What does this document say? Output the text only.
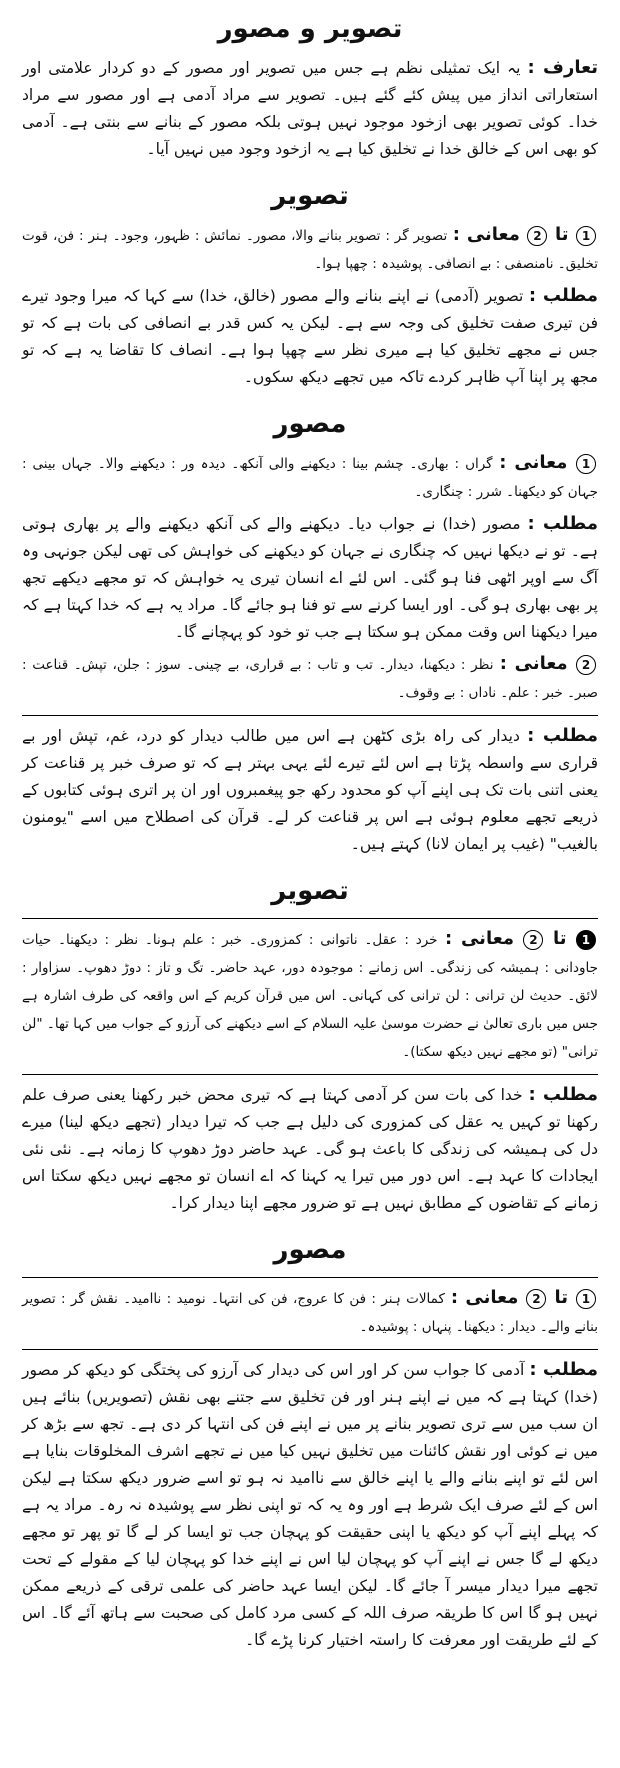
تصویر و مصور

تعارف : یہ ایک تمثیلی نظم ہے جس میں تصویر اور مصور کے دو کردار علامتی اور استعاراتی انداز میں پیش کئے گئے ہیں۔ تصویر سے مراد آدمی ہے اور مصور سے مراد خدا۔ کوئی تصویر بھی ازخود موجود نہیں ہوتی بلکہ مصور کے بنانے سے بنتی ہے۔ آدمی کو بھی اس کے خالق خدا نے تخلیق کیا ہے یہ ازخود وجود میں نہیں آیا۔

تصویر

1 تا 2 معانی : تصویر گر : تصویر بنانے والا، مصور۔ نمائش : ظہور، وجود۔ ہنر : فن، قوت تخلیق۔ نامنصفی : بے انصافی۔ پوشیدہ : چھپا ہوا۔

مطلب : تصویر (آدمی) نے اپنے بنانے والے مصور (خالق، خدا) سے کہا کہ میرا وجود تیرے فن تیری صفت تخلیق کی وجہ سے ہے۔ لیکن یہ کس قدر بے انصافی کی بات ہے کہ تو جس نے مجھے تخلیق کیا ہے میری نظر سے چھپا ہوا ہے۔ انصاف کا تقاضا یہ ہے کہ تو مجھ پر اپنا آپ ظاہر کردے تاکہ میں تجھے دیکھ سکوں۔

مصور

1 معانی : گراں : بھاری۔ چشم بینا : دیکھنے والی آنکھ۔ دیدہ ور : دیکھنے والا۔ جہاں بینی : جہان کو دیکھنا۔ شرر : چنگاری۔

مطلب : مصور (خدا) نے جواب دیا۔ دیکھنے والے کی آنکھ دیکھنے والے پر بھاری ہوتی ہے۔ تو نے دیکھا نہیں کہ چنگاری نے جہان کو دیکھنے کی خواہش کی تھی لیکن جونہی وہ آگ سے اوپر اٹھی فنا ہو گئی۔ اس لئے اے انسان تیری یہ خواہش کہ تو مجھے دیکھے تجھ پر بھی بھاری ہو گی۔ اور ایسا کرنے سے تو فنا ہو جائے گا۔ مراد یہ ہے کہ خدا کہتا ہے کہ میرا دیکھنا اس وقت ممکن ہو سکتا ہے جب تو خود کو پہچانے گا۔

2 معانی : نظر : دیکھنا، دیدار۔ تب و تاب : بے قراری، بے چینی۔ سوز : جلن، تپش۔ قناعت : صبر۔ خبر : علم۔ ناداں : بے وقوف۔

مطلب : دیدار کی راہ بڑی کٹھن ہے اس میں طالب دیدار کو درد، غم، تپش اور بے قراری سے واسطہ پڑتا ہے اس لئے تیرے لئے یہی بہتر ہے کہ تو صرف خبر پر قناعت کر یعنی اتنی بات تک ہی اپنے آپ کو محدود رکھ جو پیغمبروں اور ان پر اتری ہوئی کتابوں کے ذریعے تجھے معلوم ہوئی ہے اس پر قناعت کر لے۔ قرآن کی اصطلاح میں اسے "یومنون بالغیب" (غیب پر ایمان لانا) کہتے ہیں۔

تصویر

1 تا 2 معانی : خرد : عقل۔ ناتوانی : کمزوری۔ خبر : علم ہونا۔ نظر : دیکھنا۔ حیات جاودانی : ہمیشہ کی زندگی۔ اس زمانے : موجودہ دور، عہد حاضر۔ تگ و تاز : دوڑ دھوپ۔ سزاوار : لائق۔ حدیث لن ترانی : لن ترانی کی کہانی۔ اس میں قرآن کریم کے اس واقعہ کی طرف اشارہ ہے جس میں باری تعالیٰ نے حضرت موسیٰ علیہ السلام کے اسے دیکھنے کی آرزو کے جواب میں کہا تھا۔ "لن ترانی" (تو مجھے نہیں دیکھ سکتا)۔

مطلب : خدا کی بات سن کر آدمی کہتا ہے کہ تیری محض خبر رکھنا یعنی صرف علم رکھنا تو کہیں یہ عقل کی کمزوری کی دلیل ہے جب کہ تیرا دیدار (تجھے دیکھ لینا) میرے دل کی ہمیشہ کی زندگی کا باعث ہو گی۔ عہد حاضر دوڑ دھوپ کا زمانہ ہے۔ نئی نئی ایجادات کا عہد ہے۔ اس دور میں تیرا یہ کہنا کہ اے انسان تو مجھے نہیں دیکھ سکتا اس زمانے کے تقاضوں کے مطابق نہیں ہے تو ضرور مجھے اپنا دیدار کرا۔

مصور

1 تا 2 معانی : کمالات ہنر : فن کا عروج، فن کی انتہا۔ نومید : ناامید۔ نقش گر : تصویر بنانے والے۔ دیدار : دیکھنا۔ پنہاں : پوشیدہ۔

مطلب : آدمی کا جواب سن کر اور اس کی دیدار کی آرزو کی پختگی کو دیکھ کر مصور (خدا) کہتا ہے کہ میں نے اپنے ہنر اور فن تخلیق سے جتنے بھی نقش (تصویریں) بنائے ہیں ان سب میں سے تری تصویر بنانے پر میں نے اپنے فن کی انتہا کر دی ہے۔ تجھ سے بڑھ کر میں نے کوئی اور نقش کائنات میں تخلیق نہیں کیا میں نے تجھے اشرف المخلوقات بنایا ہے اس لئے تو اپنے بنانے والے یا اپنے خالق سے ناامید نہ ہو تو اسے ضرور دیکھ سکتا ہے لیکن اس کے لئے صرف ایک شرط ہے اور وہ یہ کہ تو اپنی نظر سے پوشیدہ نہ رہ۔ مراد یہ ہے کہ پہلے اپنے آپ کو دیکھ یا اپنی حقیقت کو پہچان جب تو ایسا کر لے گا تو پھر تو مجھے دیکھ لے گا جس نے اپنے آپ کو پہچان لیا اس نے اپنے خدا کو پہچان لیا کے مقولے کے تحت تجھے میرا دیدار میسر آ جائے گا۔ لیکن ایسا عہد حاضر کی علمی ترقی کے ذریعے ممکن نہیں ہو گا اس کا طریقہ صرف اللہ کے کسی مرد کامل کی صحبت سے ہاتھ آئے گا۔ اس کے لئے طریقت اور معرفت کا راستہ اختیار کرنا پڑے گا۔
